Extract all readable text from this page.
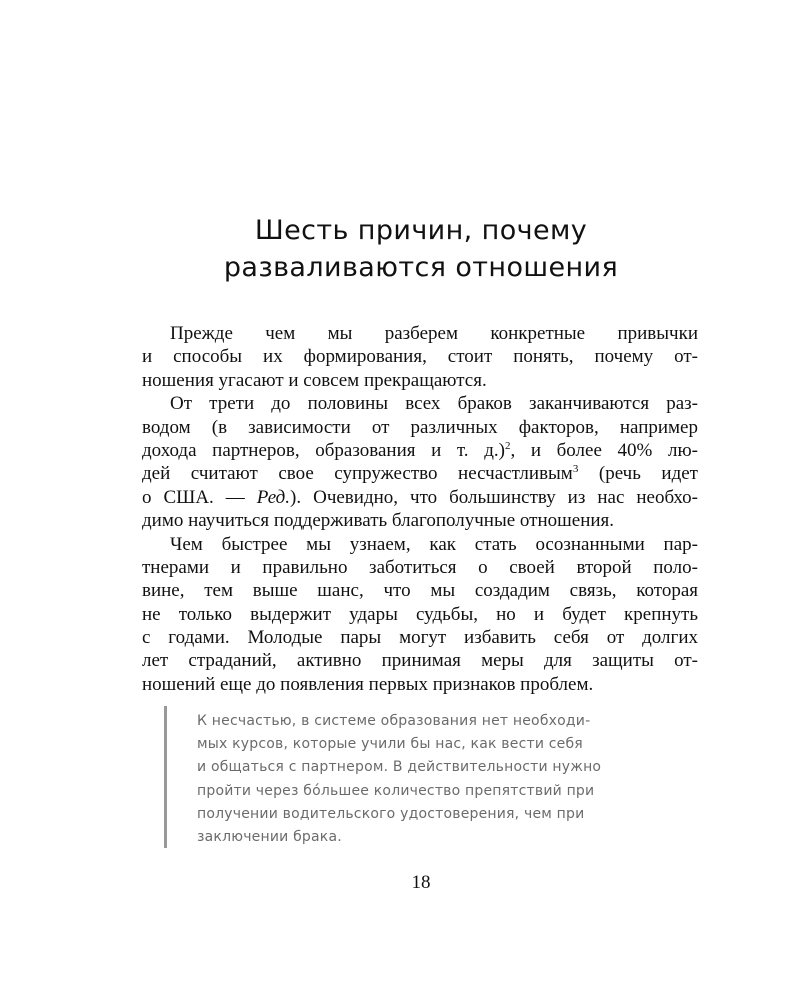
Шесть причин, почему
разваливаются отношения

Прежде чем мы разберем конкретные привычки
и способы их формирования, стоит понять, почему от-
ношения угасают и совсем прекращаются.

От трети до половины всех браков заканчиваются раз-
водом (в зависимости от различных факторов, например
дохода партнеров, образования и т. д.)$^2$, и более 40% лю-
дей считают свое супружество несчастливым$^3$ (речь идет
о США. — Ред.). Очевидно, что большинству из нас необхо-
димо научиться поддерживать благополучные отношения.

Чем быстрее мы узнаем, как стать осознанными пар-
тнерами и правильно заботиться о своей второй поло-
вине, тем выше шанс, что мы создадим связь, которая
не только выдержит удары судьбы, но и будет крепнуть
с годами. Молодые пары могут избавить себя от долгих
лет страданий, активно принимая меры для защиты от-
ношений еще до появления первых признаков проблем.

К несчастью, в системе образования нет необходи-
мых курсов, которые учили бы нас, как вести себя
и общаться с партнером. В действительности нужно
пройти через бóльшее количество препятствий при
получении водительского удостоверения, чем при
заключении брака.
18
